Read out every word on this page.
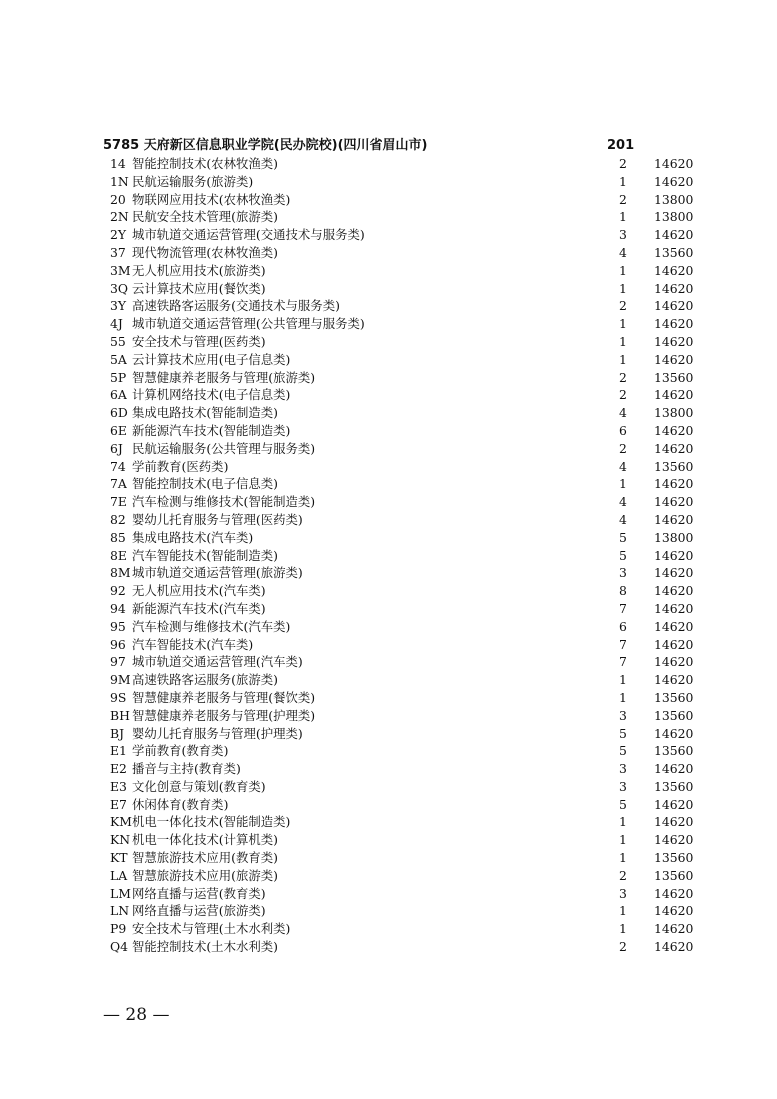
5785 天府新区信息职业学院(民办院校)(四川省眉山市)	201
14 智能控制技术(农林牧渔类)	2 14620
1N 民航运输服务(旅游类)	1 14620
20 物联网应用技术(农林牧渔类)	2 13800
2N 民航安全技术管理(旅游类)	1 13800
2Y 城市轨道交通运营管理(交通技术与服务类)	3 14620
37 现代物流管理(农林牧渔类)	4 13560
3M 无人机应用技术(旅游类)	1 14620
3Q 云计算技术应用(餐饮类)	1 14620
3Y 高速铁路客运服务(交通技术与服务类)	2 14620
4J 城市轨道交通运营管理(公共管理与服务类)	1 14620
55 安全技术与管理(医药类)	1 14620
5A 云计算技术应用(电子信息类)	1 14620
5P 智慧健康养老服务与管理(旅游类)	2 13560
6A 计算机网络技术(电子信息类)	2 14620
6D 集成电路技术(智能制造类)	4 13800
6E 新能源汽车技术(智能制造类)	6 14620
6J 民航运输服务(公共管理与服务类)	2 14620
74 学前教育(医药类)	4 13560
7A 智能控制技术(电子信息类)	1 14620
7E 汽车检测与维修技术(智能制造类)	4 14620
82 婴幼儿托育服务与管理(医药类)	4 14620
85 集成电路技术(汽车类)	5 13800
8E 汽车智能技术(智能制造类)	5 14620
8M 城市轨道交通运营管理(旅游类)	3 14620
92 无人机应用技术(汽车类)	8 14620
94 新能源汽车技术(汽车类)	7 14620
95 汽车检测与维修技术(汽车类)	6 14620
96 汽车智能技术(汽车类)	7 14620
97 城市轨道交通运营管理(汽车类)	7 14620
9M 高速铁路客运服务(旅游类)	1 14620
9S 智慧健康养老服务与管理(餐饮类)	1 13560
BH 智慧健康养老服务与管理(护理类)	3 13560
BJ 婴幼儿托育服务与管理(护理类)	5 14620
E1 学前教育(教育类)	5 13560
E2 播音与主持(教育类)	3 14620
E3 文化创意与策划(教育类)	3 13560
E7 休闲体育(教育类)	5 14620
KM 机电一体化技术(智能制造类)	1 14620
KN 机电一体化技术(计算机类)	1 14620
KT 智慧旅游技术应用(教育类)	1 13560
LA 智慧旅游技术应用(旅游类)	2 13560
LM 网络直播与运营(教育类)	3 14620
LN 网络直播与运营(旅游类)	1 14620
P9 安全技术与管理(土木水利类)	1 14620
Q4 智能控制技术(土木水利类)	2 14620
— 28 —
